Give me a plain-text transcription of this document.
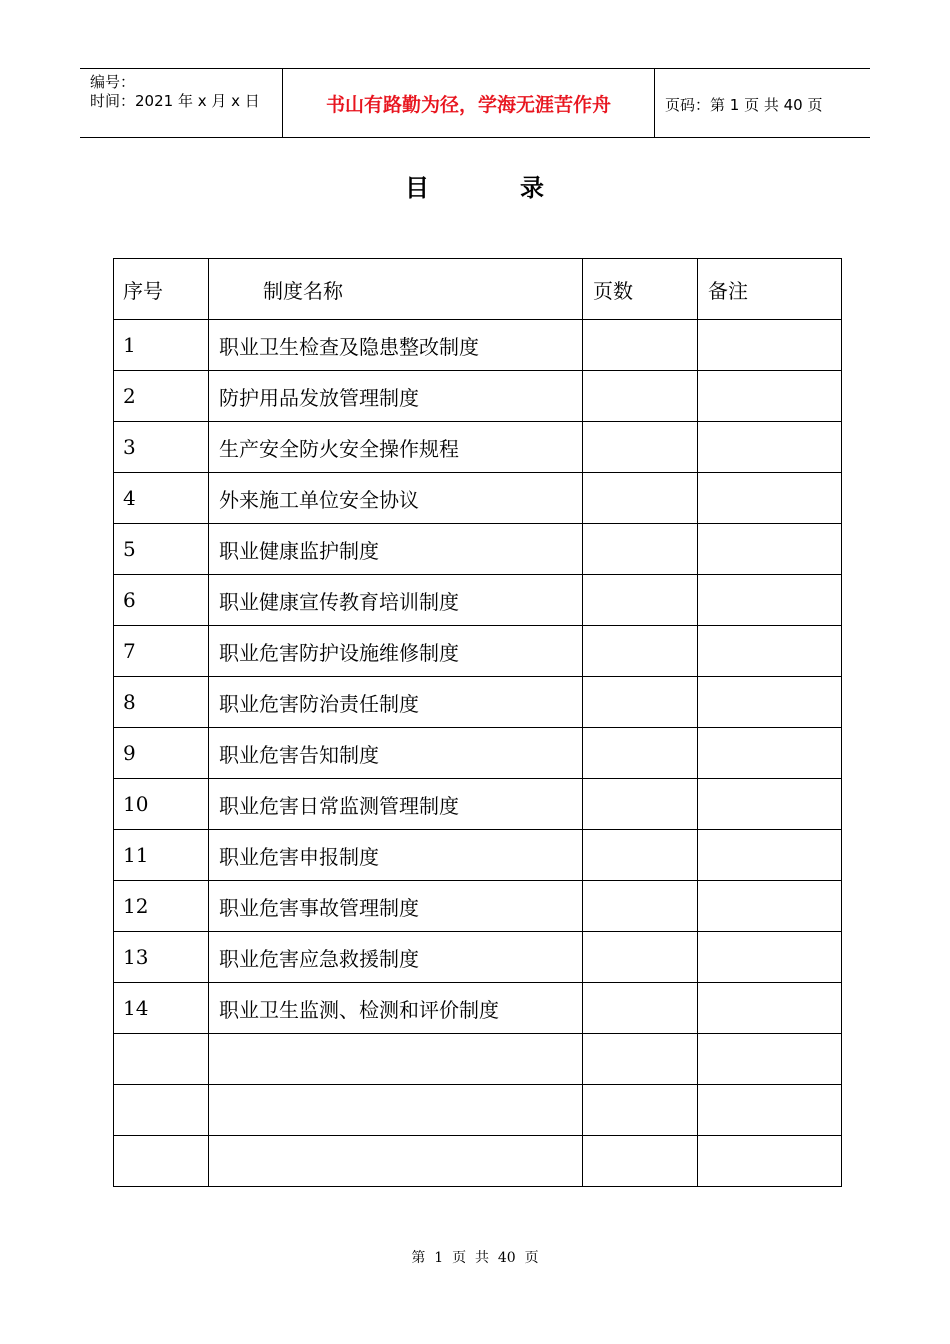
编号：
时间：2021 年 x 月 x 日	书山有路勤为径，学海无涯苦作舟	页码：第 1 页 共 40 页
目	录
序号	制度名称	页数	备注
1	职业卫生检查及隐患整改制度		
2	防护用品发放管理制度		
3	生产安全防火安全操作规程		
4	外来施工单位安全协议		
5	职业健康监护制度		
6	职业健康宣传教育培训制度		
7	职业危害防护设施维修制度		
8	职业危害防治责任制度		
9	职业危害告知制度		
10	职业危害日常监测管理制度		
11	职业危害申报制度		
12	职业危害事故管理制度		
13	职业危害应急救援制度		
14	职业卫生监测、检测和评价制度		

第  1  页  共  40  页
